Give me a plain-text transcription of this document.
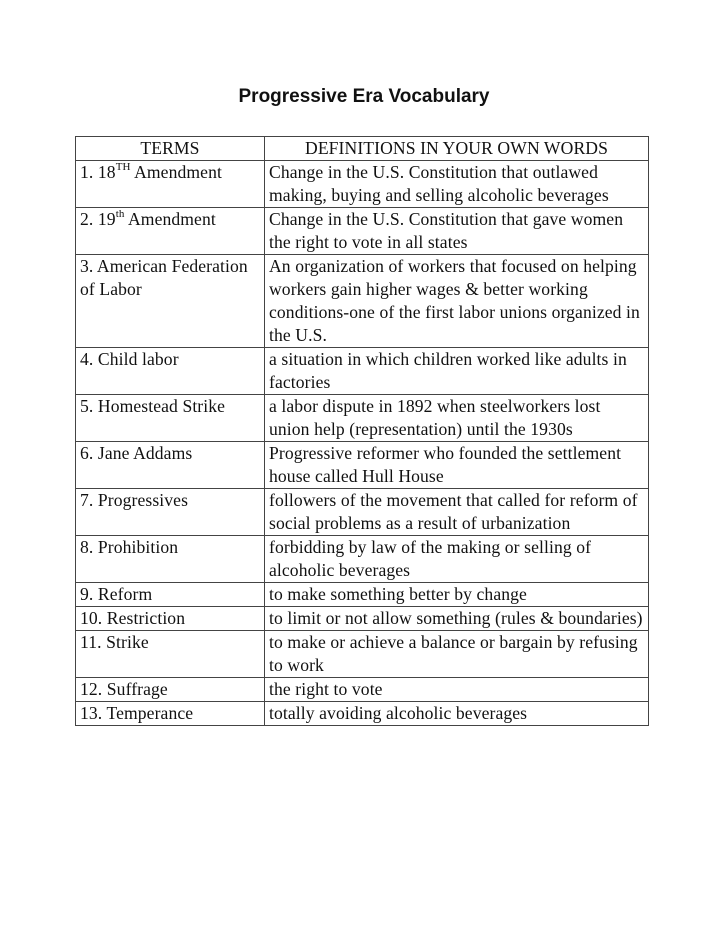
Progressive Era Vocabulary
TERMS	DEFINITIONS IN YOUR OWN WORDS
1. 18TH Amendment	Change in the U.S. Constitution that outlawed making, buying and selling alcoholic beverages
2. 19th Amendment	Change in the U.S. Constitution that gave women the right to vote in all states
3. American Federation of Labor	An organization of workers that focused on helping workers gain higher wages & better working conditions-one of the first labor unions organized in the U.S.
4. Child labor	a situation in which children worked like adults in factories
5. Homestead Strike	a labor dispute in 1892 when steelworkers lost union help (representation) until the 1930s
6. Jane Addams	Progressive reformer who founded the settlement house called Hull House
7. Progressives	followers of the movement that called for reform of social problems as a result of urbanization
8. Prohibition	forbidding by law of the making or selling of alcoholic beverages
9. Reform	to make something better by change
10. Restriction	to limit or not allow something (rules & boundaries)
11. Strike	to make or achieve a balance or bargain by refusing to work
12. Suffrage	the right to vote
13. Temperance	totally avoiding alcoholic beverages
